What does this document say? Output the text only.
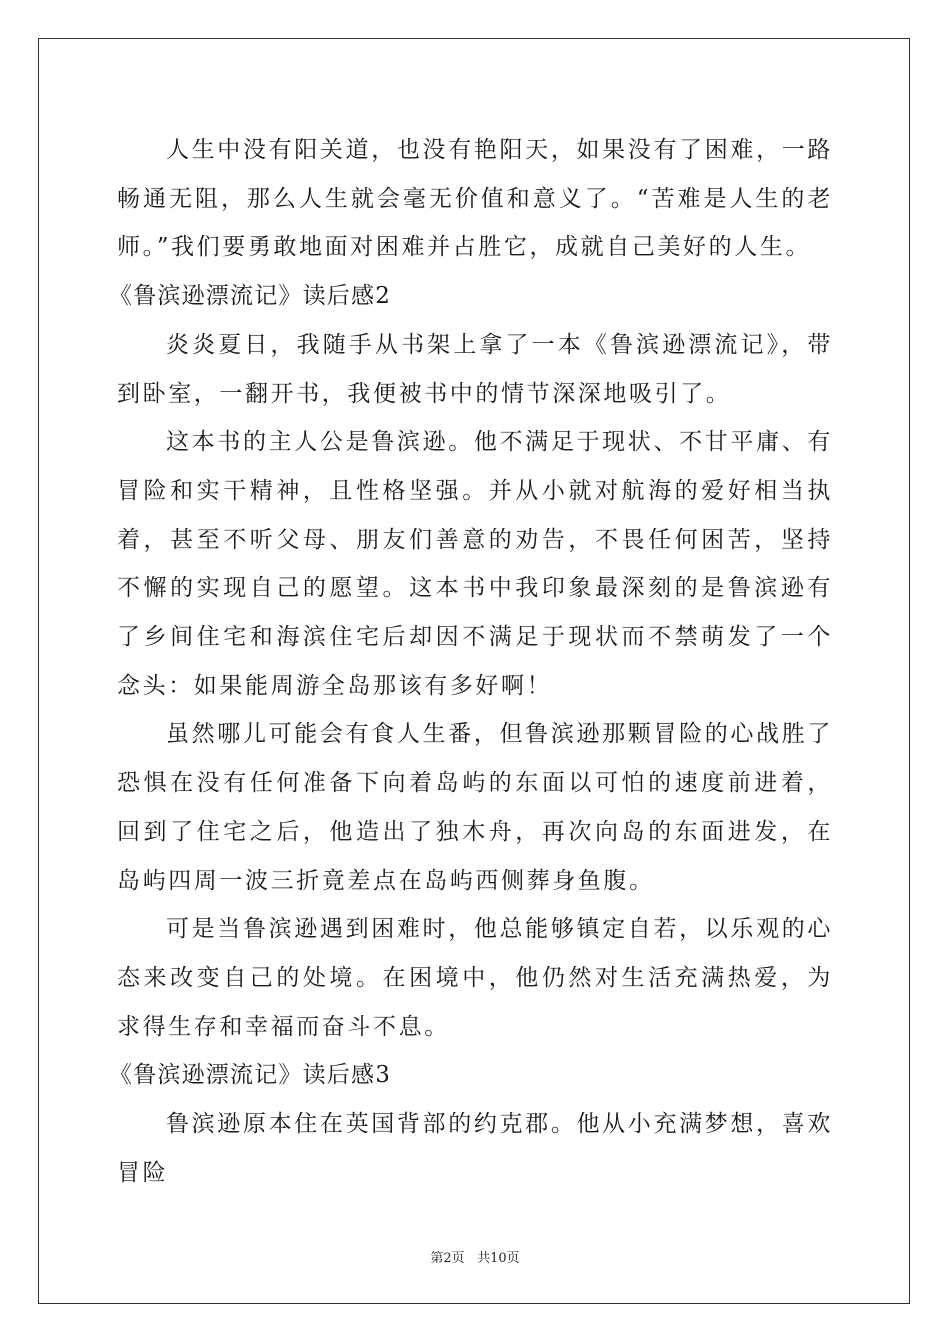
人生中没有阳关道，也没有艳阳天，如果没有了困难，一路畅通无阻，那么人生就会毫无价值和意义了。“苦难是人生的老师。”我们要勇敢地面对困难并占胜它，成就自己美好的人生。

《鲁滨逊漂流记》读后感2

炎炎夏日，我随手从书架上拿了一本《鲁滨逊漂流记》，带到卧室，一翻开书，我便被书中的情节深深地吸引了。

这本书的主人公是鲁滨逊。他不满足于现状、不甘平庸、有冒险和实干精神，且性格坚强。并从小就对航海的爱好相当执着，甚至不听父母、朋友们善意的劝告，不畏任何困苦，坚持不懈的实现自己的愿望。这本书中我印象最深刻的是鲁滨逊有了乡间住宅和海滨住宅后却因不满足于现状而不禁萌发了一个念头：如果能周游全岛那该有多好啊！

虽然哪儿可能会有食人生番，但鲁滨逊那颗冒险的心战胜了恐惧在没有任何准备下向着岛屿的东面以可怕的速度前进着，回到了住宅之后，他造出了独木舟，再次向岛的东面进发，在岛屿四周一波三折竟差点在岛屿西侧葬身鱼腹。

可是当鲁滨逊遇到困难时，他总能够镇定自若，以乐观的心态来改变自己的处境。在困境中，他仍然对生活充满热爱，为求得生存和幸福而奋斗不息。

《鲁滨逊漂流记》读后感3

鲁滨逊原本住在英国背部的约克郡。他从小充满梦想，喜欢冒险

第2页 共10页
